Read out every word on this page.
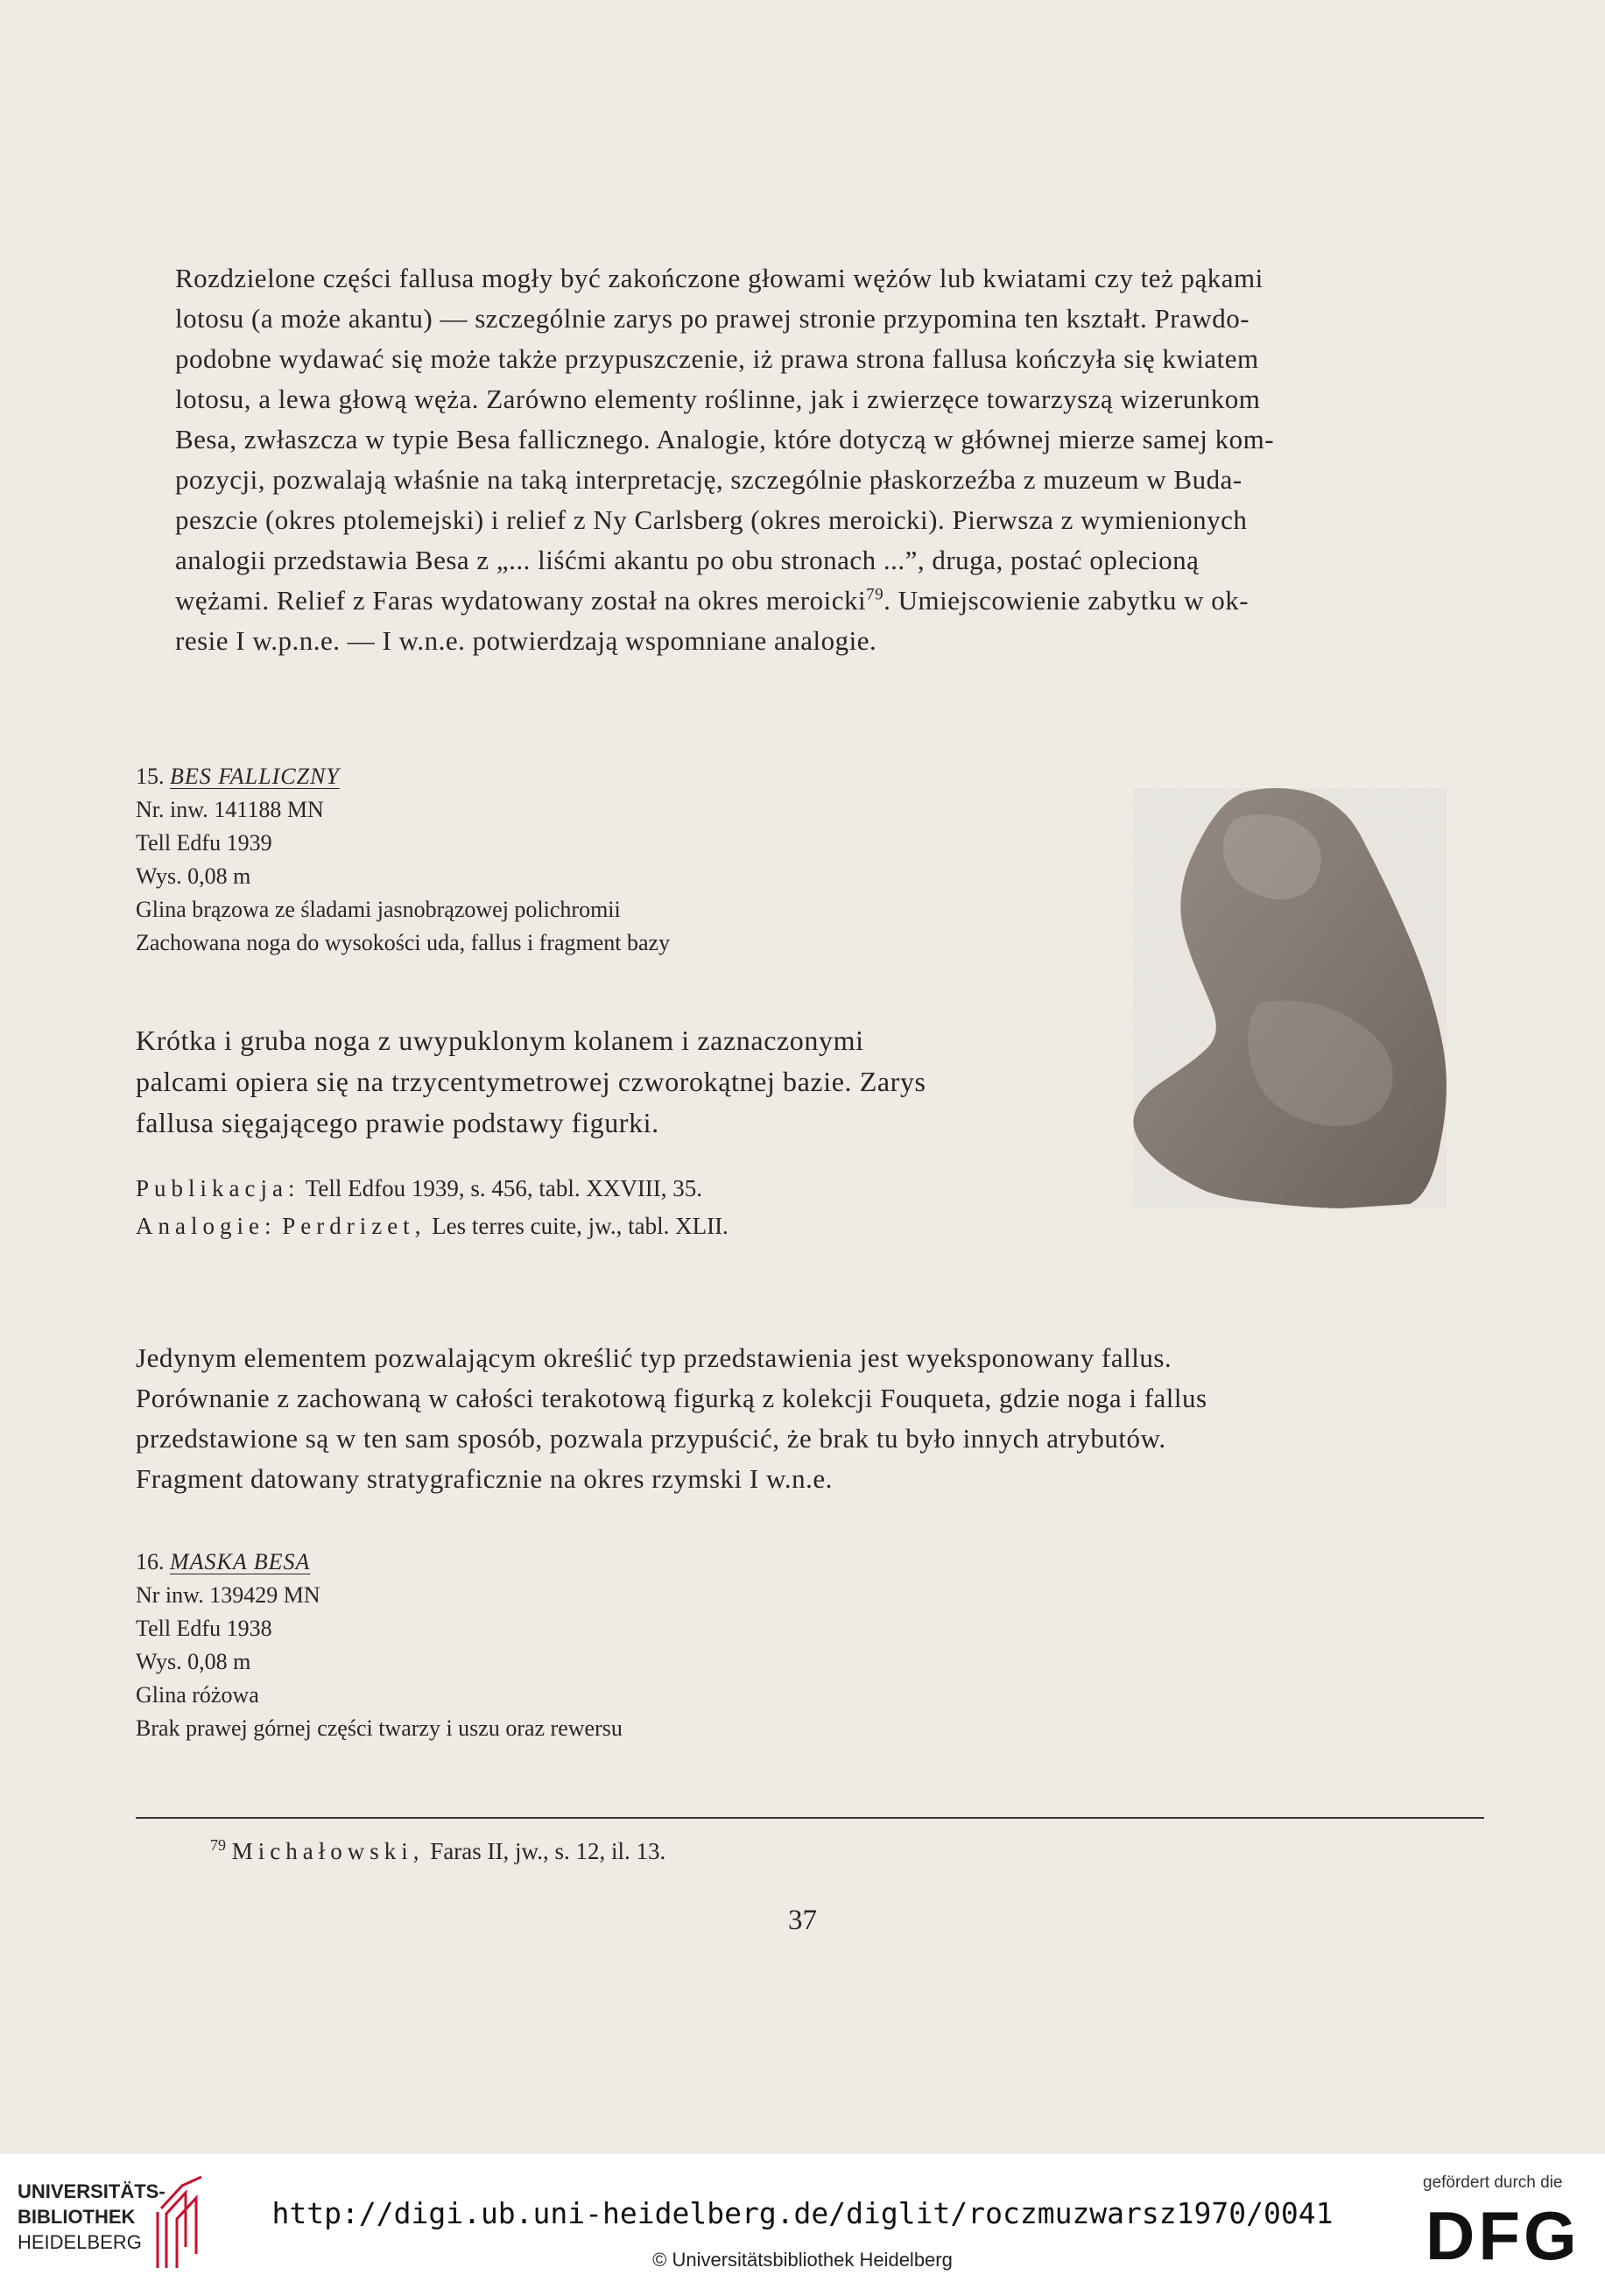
Rozdzielone części fallusa mogły być zakończone głowami wężów lub kwiatami czy też pąkami

lotosu (a może akantu) — szczególnie zarys po prawej stronie przypomina ten kształt. Prawdo-

podobne wydawać się może także przypuszczenie, iż prawa strona fallusa kończyła się kwiatem

lotosu, a lewa głową węża. Zarówno elementy roślinne, jak i zwierzęce towarzyszą wizerunkom

Besa, zwłaszcza w typie Besa fallicznego. Analogie, które dotyczą w głównej mierze samej kom-

pozycji, pozwalają właśnie na taką interpretację, szczególnie płaskorzeźba z muzeum w Buda-

peszcie (okres ptolemejski) i relief z Ny Carlsberg (okres meroicki). Pierwsza z wymienionych

analogii przedstawia Besa z „... liśćmi akantu po obu stronach ...”, druga, postać oplecioną

wężami. Relief z Faras wydatowany został na okres meroicki$^{79}$. Umiejscowienie zabytku w ok-

resie I w.p.n.e. — I w.n.e. potwierdzają wspomniane analogie.

15. BES FALLICZNY
Nr. inw. 141188 MN
Tell Edfu 1939
Wys. 0,08 m
Glina brązowa ze śladami jasnobrązowej polichromii
Zachowana noga do wysokości uda, fallus i fragment bazy

Krótka i gruba noga z uwypuklonym kolanem i zaznaczonymi

palcami opiera się na trzycentymetrowej czworokątnej bazie. Zarys

fallusa sięgającego prawie podstawy figurki.

Publikacja: Tell Edfou 1939, s. 456, tabl. XXVIII, 35.
Analogie: Perdrizet, Les terres cuite, jw., tabl. XLII.

Jedynym elementem pozwalającym określić typ przedstawienia jest wyeksponowany fallus.

Porównanie z zachowaną w całości terakotową figurką z kolekcji Fouqueta, gdzie noga i fallus

przedstawione są w ten sam sposób, pozwala przypuścić, że brak tu było innych atrybutów.

Fragment datowany stratygraficznie na okres rzymski I w.n.e.

16. MASKA BESA
Nr inw. 139429 MN
Tell Edfu 1938
Wys. 0,08 m
Glina różowa
Brak prawej górnej części twarzy i uszu oraz rewersu
$^{79}$ Michałowski, Faras II, jw., s. 12, il. 13.
37
UNIVERSITÄTS-
BIBLIOTHEK
HEIDELBERG
http://digi.ub.uni-heidelberg.de/diglit/roczmuzwarsz1970/0041
© Universitätsbibliothek Heidelberg
gefördert durch die
DFG
